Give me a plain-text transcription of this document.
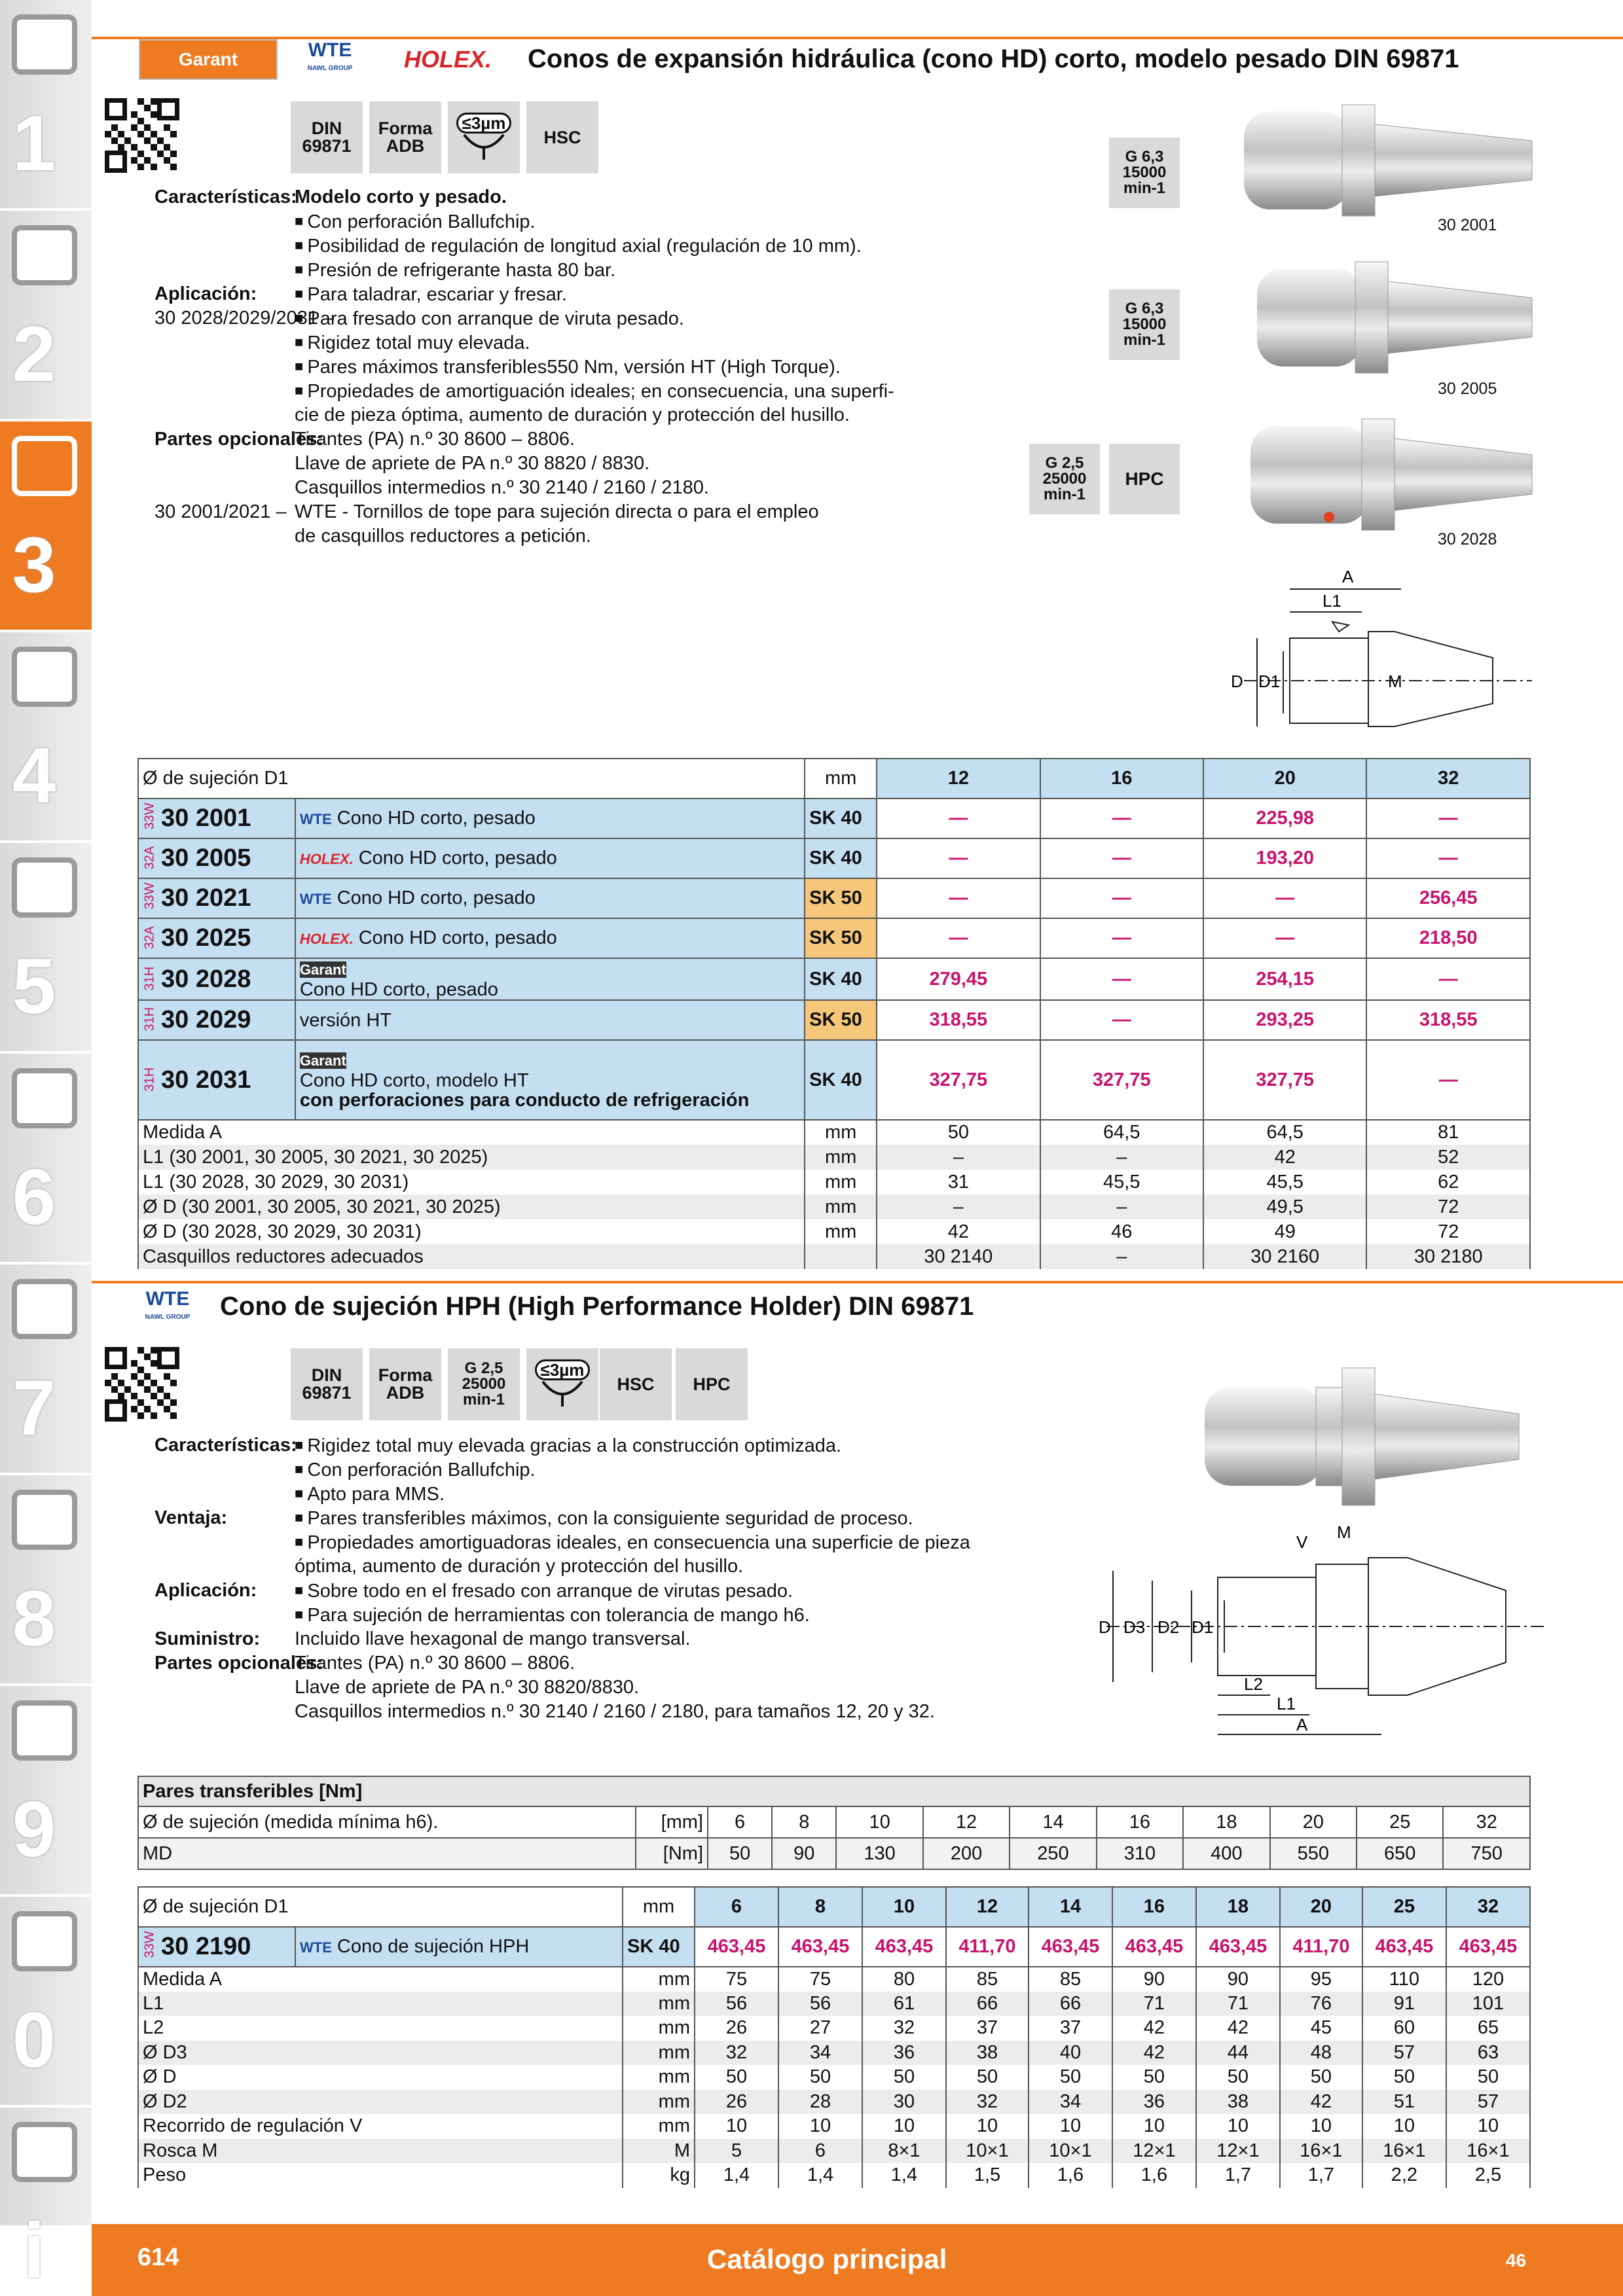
1
2
3
4
5
6
7
8
9
0
i
Garant	WTE
NAWL GROUP	HOLEX.	Conos de expansión hidráulica (cono HD) corto, modelo pesado DIN 69871
DIN
69871
Forma
ADB
≤3µm
HSC
Características:
Modelo corto y pesado.
■ Con perforación Ballufchip.
■ Posibilidad de regulación de longitud axial (regulación de 10 mm).
■ Presión de refrigerante hasta 80 bar.
Aplicación:	■ Para taladrar, escariar y fresar.
30 2028/2029/2031 –
■ Para fresado con arranque de viruta pesado.
■ Rigidez total muy elevada.
■ Pares máximos transferibles550 Nm, versión HT (High Torque).
■ Propiedades de amortiguación ideales; en consecuencia, una superfi-
cie de pieza óptima, aumento de duración y protección del husillo.
Partes opcionales:
Tirantes (PA) n.º 30 8600 – 8806.
Llave de apriete de PA n.º 30 8820 / 8830.
Casquillos intermedios n.º 30 2140 / 2160 / 2180.
30 2001/2021 – WTE - Tornillos de tope para sujeción directa o para el empleo
de casquillos reductores a petición.
G 6,3
15000
min-1
G 6,3
15000
min-1
G 2,5
25000
min-1
HPC
30 2001
30 2005
30 2028
A
L1
D D1	M
Ø de sujeción D1		mm	12	16	20	32
33W 30 2001	WTE Cono HD corto, pesado	SK 40	—	—	225,98	—
32A 30 2005	HOLEX. Cono HD corto, pesado	SK 40	—	—	193,20	—
33W 30 2021	WTE Cono HD corto, pesado	SK 50	—	—	—	256,45
32A 30 2025	HOLEX. Cono HD corto, pesado	SK 50	—	—	—	218,50
31H 30 2028	Garant
Cono HD corto, pesado	SK 40	279,45	—	254,15	—
31H 30 2029	versión HT	SK 50	318,55	—	293,25	318,55
31H 30 2031	Garant
Cono HD corto, modelo HT
con perforaciones para conducto de refrigeración	SK 40	327,75	327,75	327,75	—
Medida A		mm	50	64,5	64,5	81
L1 (30 2001, 30 2005, 30 2021, 30 2025)		mm	–	–	42	52
L1 (30 2028, 30 2029, 30 2031)		mm	31	45,5	45,5	62
Ø D (30 2001, 30 2005, 30 2021, 30 2025)		mm	–	–	49,5	72
Ø D (30 2028, 30 2029, 30 2031)		mm	42	46	49	72
Casquillos reductores adecuados			30 2140	–	30 2160	30 2180
WTE
NAWL GROUP Cono de sujeción HPH (High Performance Holder) DIN 69871
DIN
69871
Forma
ADB
G 2,5
25000
min-1
≤3µm
HSC	HPC
Características: ■ Rigidez total muy elevada gracias a la construcción optimizada.
■ Con perforación Ballufchip.
■ Apto para MMS.
Ventaja:	■ Pares transferibles máximos, con la consiguiente seguridad de proceso.
■ Propiedades amortiguadoras ideales, en consecuencia una superficie de pieza
óptima, aumento de duración y protección del husillo.
Aplicación:	■ Sobre todo en el fresado con arranque de virutas pesado.
■ Para sujeción de herramientas con tolerancia de mango h6.
Suministro: Incluido llave hexagonal de mango transversal.
Partes opcionales:
Tirantes (PA) n.º 30 8600 – 8806.
Llave de apriete de PA n.º 30 8820/8830.
Casquillos intermedios n.º 30 2140 / 2160 / 2180, para tamaños 12, 20 y 32.
V M
D D3 D2 D1
L2
L1
A
Pares transferibles [Nm]											
Ø de sujeción (medida mínima h6).	[mm]	6	8	10	12	14	16	18	20	25	32
MD	[Nm]	50	90	130	200	250	310	400	550	650	750
Ø de sujeción D1		mm	6	8	10	12	14	16	18	20	25	32
33W 30 2190	WTE Cono de sujeción HPH	SK 40	463,45	463,45	463,45	411,70	463,45	463,45	463,45	411,70	463,45	463,45
Medida A		mm	75	75	80	85	85	90	90	95	110	120
L1		mm	56	56	61	66	66	71	71	76	91	101
L2		mm	26	27	32	37	37	42	42	45	60	65
Ø D3		mm	32	34	36	38	40	42	44	48	57	63
Ø D		mm	50	50	50	50	50	50	50	50	50	50
Ø D2		mm	26	28	30	32	34	36	38	42	51	57
Recorrido de regulación V		mm	10	10	10	10	10	10	10	10	10	10
Rosca M		M	5	6	8×1	10×1	10×1	12×1	12×1	16×1	16×1	16×1
Peso		kg	1,4	1,4	1,4	1,5	1,6	1,6	1,7	1,7	2,2	2,5
614	Catálogo principal	46
